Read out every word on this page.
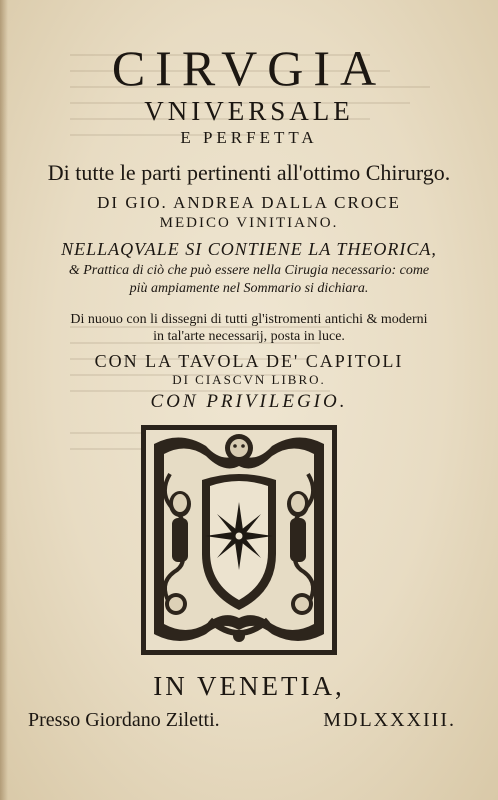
CIRVGIA
VNIVERSALE
E PERFETTA
Di tutte le parti pertinenti all'ottimo Chirurgo.
DI GIO. ANDREA DALLA CROCE
MEDICO VINITIANO.
NELLAQVALE SI CONTIENE LA THEORICA,
& Prattica di ciò che può essere nella Cirugia necessario: come
più ampiamente nel Sommario si dichiara.
Di nuouo con li dissegni di tutti gl'istromenti antichi & moderni
in tal'arte necessarij, posta in luce.
CON LA TAVOLA DE' CAPITOLI
DI CIASCVN LIBRO.
CON PRIVILEGIO.
IN VENETIA,
Presso Giordano Ziletti.	MDLXXXIII.
